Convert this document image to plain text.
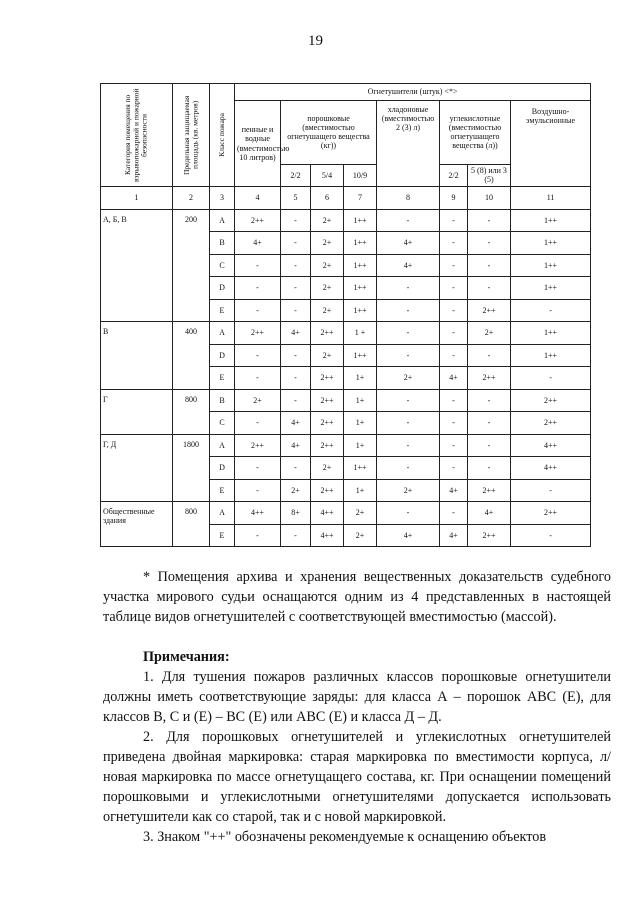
19
Категория помещения по взрывопожарной и пожарной безопасности	Предельная защищаемая площадь (кв. метров)	Класс пожара	Огнетушители (штук) <*>							
			пенные и водные (вместимостью 10 литров)	порошковые (вместимостью огнетушащего вещества (кг))			хладоновые (вместимостью 2 (3) л)	углекислотные (вместимостью огнетушащего вещества (л))		Воздушно-эмульсионные
				2/2	5/4	10/9		2/2	5 (8) или 3 (5)	
1	2	3	4	5	6	7	8	9	10	11
А, Б, В	200	А	2++	-	2+	1++	-	-	-	1++
		В	4+	-	2+	1++	4+	-	-	1++
		С	-	-	2+	1++	4+	-	-	1++
		D	-	-	2+	1++	-	-	-	1++
		Е	-	-	2+	1++	-	-	2++	-
В	400	А	2++	4+	2++	1 +	-	-	2+	1++
		D	-	-	2+	1++	-	-	-	1++
		Е	-	-	2++	1+	2+	4+	2++	-
Г	800	В	2+	-	2++	1+	-	-	-	2++
		С	-	4+	2++	1+	-	-	-	2++
Г, Д	1800	А	2++	4+	2++	1+	-	-	-	4++
		D	-	-	2+	1++	-	-	-	4++
		Е	-	2+	2++	1+	2+	4+	2++	-
Общественные здания	800	А	4++	8+	4++	2+	-	-	4+	2++
		Е	-	-	4++	2+	4+	4+	2++	-

* Помещения архива и хранения вещественных доказательств судебного участка мирового судьи оснащаются одним из 4 представленных в настоящей таблице видов огнетушителей с соответствующей вместимостью (массой).

Примечания:

1. Для тушения пожаров различных классов порошковые огнетушители должны иметь соответствующие заряды: для класса А – порошок АВС (Е), для классов В, С и (Е) – ВС (Е) или АВС (Е) и класса Д – Д.

2. Для порошковых огнетушителей и углекислотных огнетушителей приведена двойная маркировка: старая маркировка по вместимости корпуса, л/новая маркировка по массе огнетущащего состава, кг. При оснащении помещений порошковыми и углекислотными огнетушителями допускается использовать огнетушители как со старой, так и с новой маркировкой.

3. Знаком "++" обозначены рекомендуемые к оснащению объектов
